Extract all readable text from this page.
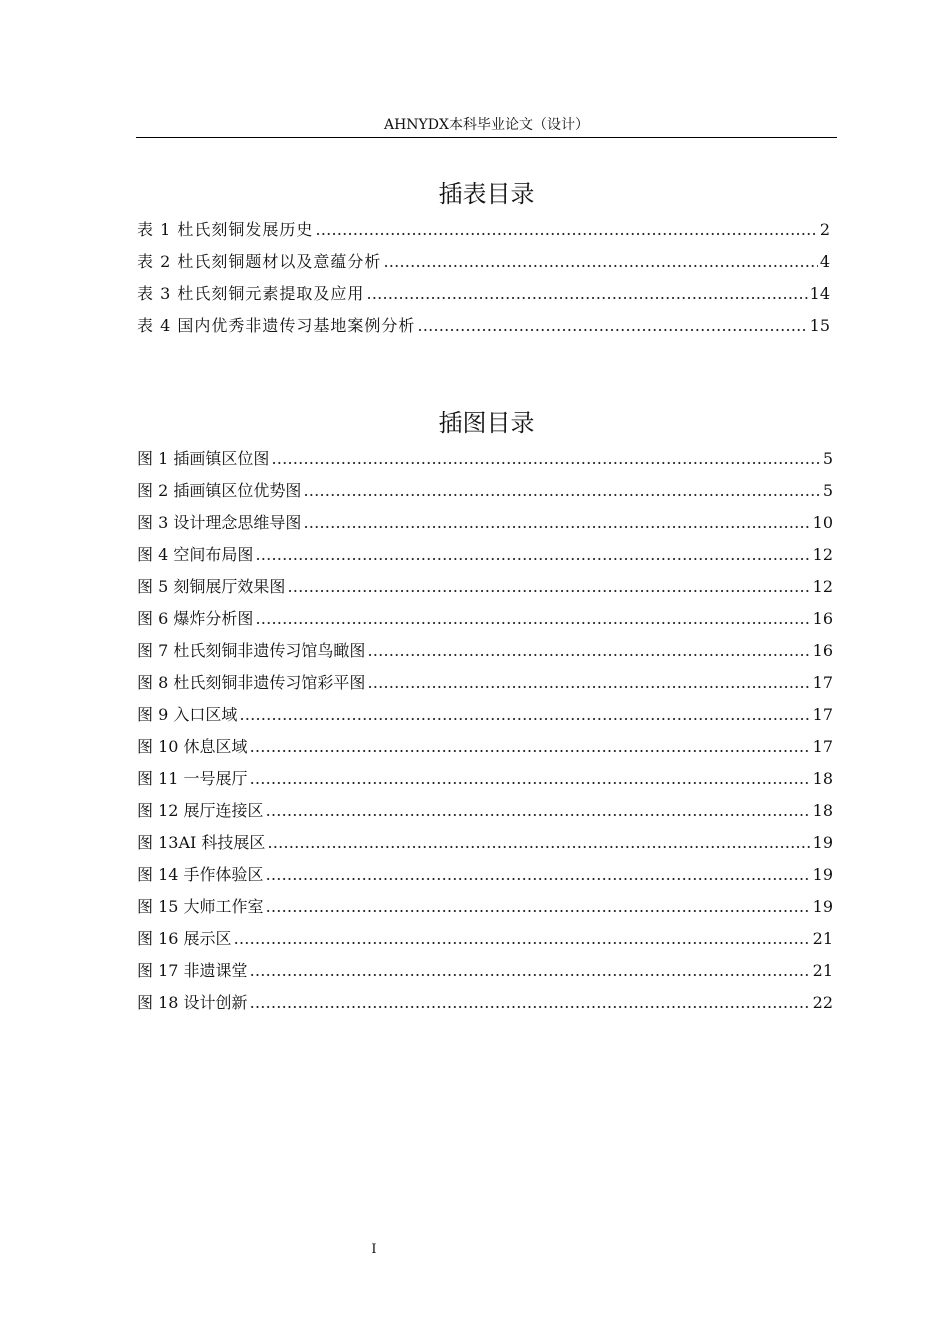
AHNYDX本科毕业论文（设计）
插表目录
表 1 杜氏刻铜发展历史 ……………………………………………………………………………………………………………………………………………………………………………………………	2
表 2 杜氏刻铜题材以及意蕴分析 ……………………………………………………………………………………………………………………………………………………………………………………………	4
表 3 杜氏刻铜元素提取及应用 ……………………………………………………………………………………………………………………………………………………………………………………………	14
表 4 国内优秀非遗传习基地案例分析 ……………………………………………………………………………………………………………………………………………………………………………………………	15
插图目录
图 1 插画镇区位图 ……………………………………………………………………………………………………………………………………………………………………………………………	5
图 2 插画镇区位优势图 ……………………………………………………………………………………………………………………………………………………………………………………………	5
图 3 设计理念思维导图 ……………………………………………………………………………………………………………………………………………………………………………………………	10
图 4 空间布局图 ……………………………………………………………………………………………………………………………………………………………………………………………	12
图 5 刻铜展厅效果图 ……………………………………………………………………………………………………………………………………………………………………………………………	12
图 6 爆炸分析图 ……………………………………………………………………………………………………………………………………………………………………………………………	16
图 7 杜氏刻铜非遗传习馆鸟瞰图 ……………………………………………………………………………………………………………………………………………………………………………………………	16
图 8 杜氏刻铜非遗传习馆彩平图 ……………………………………………………………………………………………………………………………………………………………………………………………	17
图 9 入口区域 ……………………………………………………………………………………………………………………………………………………………………………………………	17
图 10 休息区域 ……………………………………………………………………………………………………………………………………………………………………………………………	17
图 11 一号展厅 ……………………………………………………………………………………………………………………………………………………………………………………………	18
图 12 展厅连接区 ……………………………………………………………………………………………………………………………………………………………………………………………	18
图 13AI 科技展区 ……………………………………………………………………………………………………………………………………………………………………………………………	19
图 14 手作体验区 ……………………………………………………………………………………………………………………………………………………………………………………………	19
图 15 大师工作室 ……………………………………………………………………………………………………………………………………………………………………………………………	19
图 16 展示区 ……………………………………………………………………………………………………………………………………………………………………………………………	21
图 17 非遗课堂 ……………………………………………………………………………………………………………………………………………………………………………………………	21
图 18 设计创新 ……………………………………………………………………………………………………………………………………………………………………………………………	22
I
